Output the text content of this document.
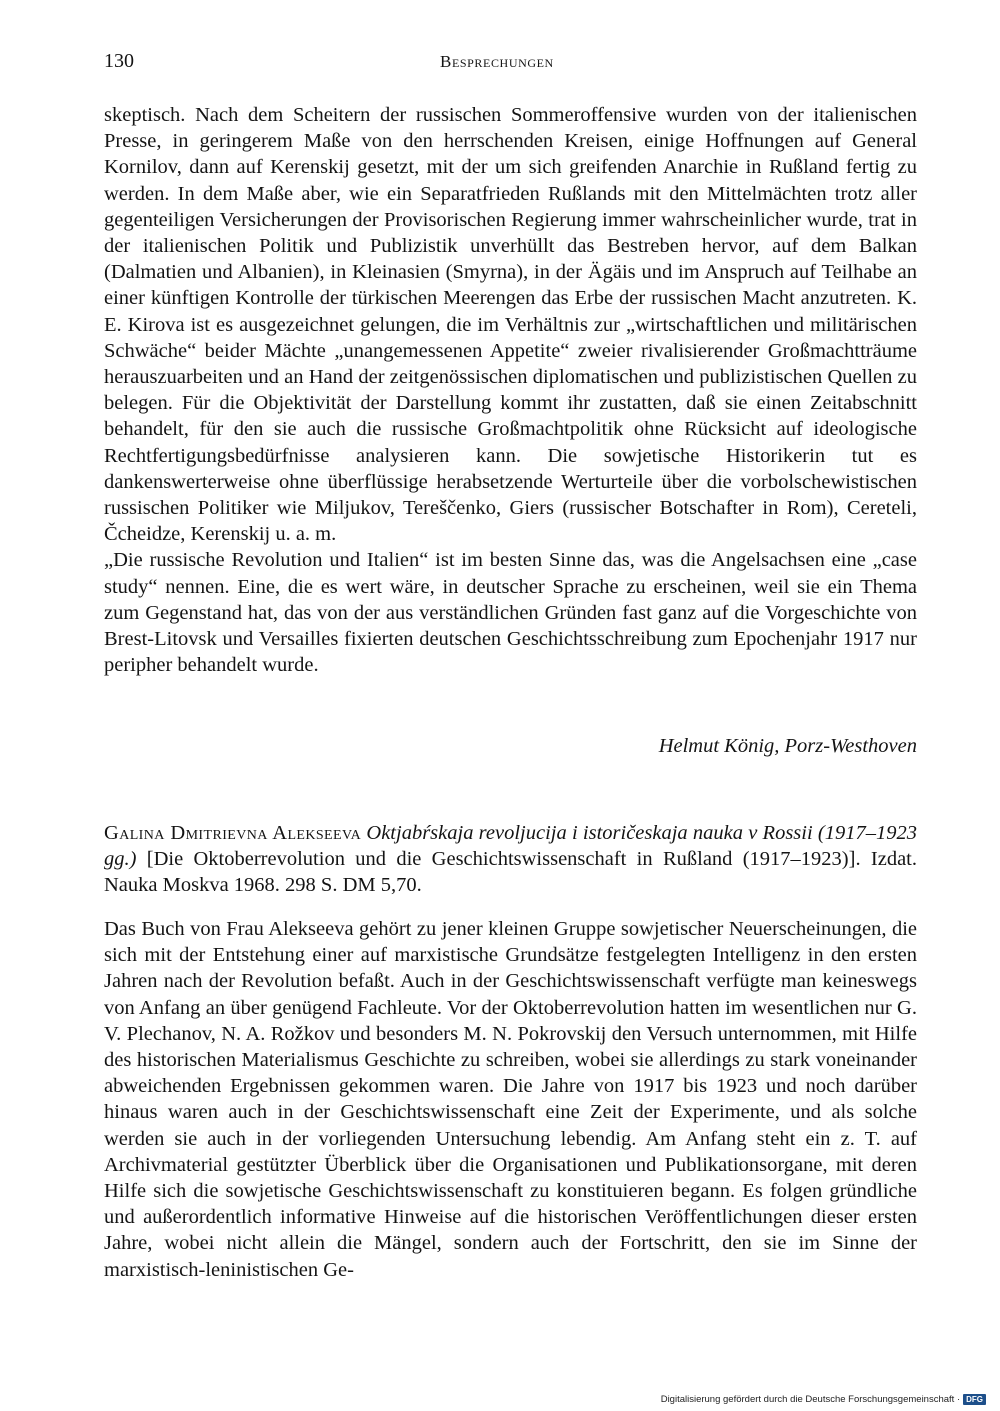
130	Besprechungen
skeptisch. Nach dem Scheitern der russischen Sommeroffensive wurden von der italienischen Presse, in geringerem Maße von den herrschenden Kreisen, einige Hoffnungen auf General Kornilov, dann auf Kerenskij gesetzt, mit der um sich greifenden Anarchie in Rußland fertig zu werden. In dem Maße aber, wie ein Separatfrieden Rußlands mit den Mittelmächten trotz aller gegenteiligen Versicherungen der Provisorischen Regierung immer wahrscheinlicher wurde, trat in der italienischen Politik und Publizistik unverhüllt das Bestreben hervor, auf dem Balkan (Dalmatien und Albanien), in Kleinasien (Smyrna), in der Ägäis und im Anspruch auf Teilhabe an einer künftigen Kontrolle der türkischen Meerengen das Erbe der russischen Macht anzutreten. K. E. Kirova ist es ausgezeichnet gelungen, die im Verhältnis zur „wirtschaftlichen und militärischen Schwäche“ beider Mächte „unangemessenen Appetite“ zweier rivalisierender Großmachtträume herauszuarbeiten und an Hand der zeitgenössischen diplomatischen und publizistischen Quellen zu belegen. Für die Objektivität der Darstellung kommt ihr zustatten, daß sie einen Zeitabschnitt behandelt, für den sie auch die russische Großmachtpolitik ohne Rücksicht auf ideologische Rechtfertigungsbedürfnisse analysieren kann. Die sowjetische Historikerin tut es dankenswerterweise ohne überflüssige herabsetzende Werturteile über die vorbolschewistischen russischen Politiker wie Miljukov, Tereščenko, Giers (russischer Botschafter in Rom), Cereteli, Čcheidze, Kerenskij u. a. m.
„Die russische Revolution und Italien“ ist im besten Sinne das, was die Angelsachsen eine „case study“ nennen. Eine, die es wert wäre, in deutscher Sprache zu erscheinen, weil sie ein Thema zum Gegenstand hat, das von der aus verständlichen Gründen fast ganz auf die Vorgeschichte von Brest-Litovsk und Versailles fixierten deutschen Geschichtsschreibung zum Epochenjahr 1917 nur peripher behandelt wurde.

Helmut König, Porz-Westhoven

Galina Dmitrievna Alekseeva Oktjabŕskaja revoljucija i istoričeskaja nauka v Rossii (1917–1923 gg.) [Die Oktoberrevolution und die Geschichtswissenschaft in Rußland (1917–1923)]. Izdat. Nauka Moskva 1968. 298 S. DM 5,70.

Das Buch von Frau Alekseeva gehört zu jener kleinen Gruppe sowjetischer Neuerscheinungen, die sich mit der Entstehung einer auf marxistische Grundsätze festgelegten Intelligenz in den ersten Jahren nach der Revolution befaßt. Auch in der Geschichtswissenschaft verfügte man keineswegs von Anfang an über genügend Fachleute. Vor der Oktoberrevolution hatten im wesentlichen nur G. V. Plechanov, N. A. Rožkov und besonders M. N. Pokrovskij den Versuch unternommen, mit Hilfe des historischen Materialismus Geschichte zu schreiben, wobei sie allerdings zu stark voneinander abweichenden Ergebnissen gekommen waren. Die Jahre von 1917 bis 1923 und noch darüber hinaus waren auch in der Geschichtswissenschaft eine Zeit der Experimente, und als solche werden sie auch in der vorliegenden Untersuchung lebendig. Am Anfang steht ein z. T. auf Archivmaterial gestützter Überblick über die Organisationen und Publikationsorgane, mit deren Hilfe sich die sowjetische Geschichtswissenschaft zu konstituieren begann. Es folgen gründliche und außerordentlich informative Hinweise auf die historischen Veröffentlichungen dieser ersten Jahre, wobei nicht allein die Mängel, sondern auch der Fortschritt, den sie im Sinne der marxistisch-leninistischen Ge-
Digitalisierung gefördert durch die Deutsche Forschungsgemeinschaft · DFG
